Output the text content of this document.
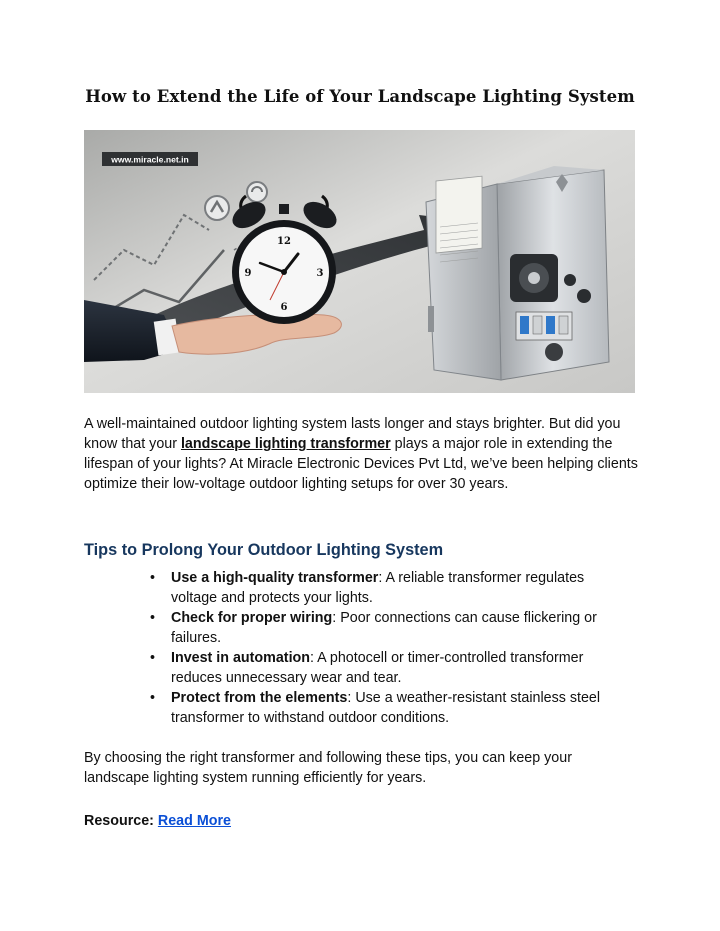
How to Extend the Life of Your Landscape Lighting System
www.miracle.net.in
12
3
6
9

A well-maintained outdoor lighting system lasts longer and stays brighter. But did you know that your landscape lighting transformer plays a major role in extending the lifespan of your lights? At Miracle Electronic Devices Pvt Ltd, we’ve been helping clients optimize their low-voltage outdoor lighting setups for over 30 years.

Tips to Prolong Your Outdoor Lighting System
• Use a high-quality transformer: A reliable transformer regulates voltage and protects your lights.
• Check for proper wiring: Poor connections can cause flickering or failures.
• Invest in automation: A photocell or timer-controlled transformer reduces unnecessary wear and tear.
• Protect from the elements: Use a weather-resistant stainless steel transformer to withstand outdoor conditions.

By choosing the right transformer and following these tips, you can keep your landscape lighting system running efficiently for years.

Resource: Read More
